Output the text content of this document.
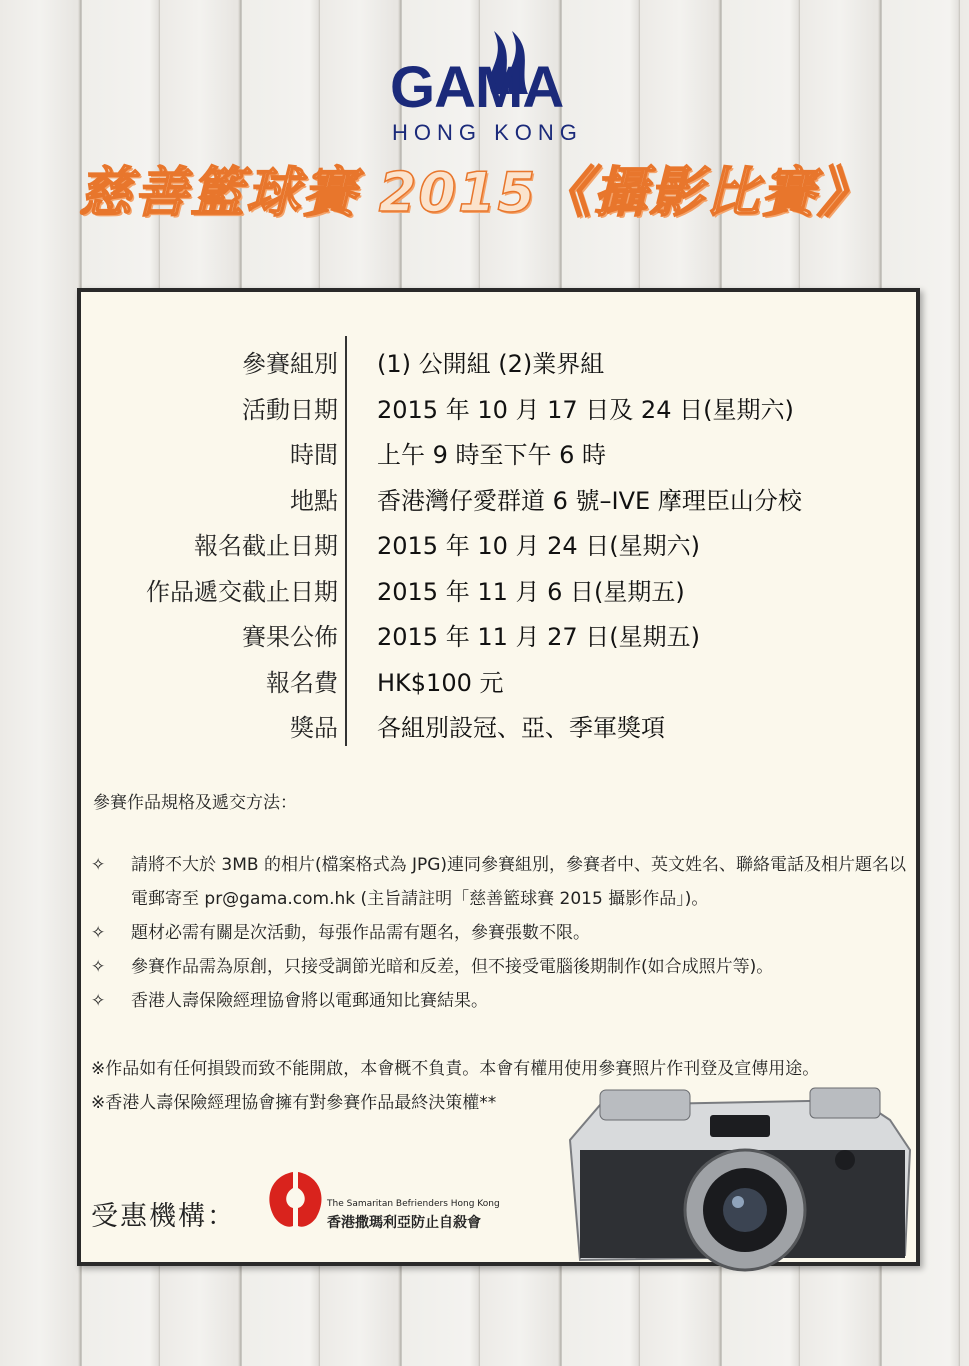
GAMA
HONG KONG
慈善籃球賽 2015《攝影比賽》
參賽組別 (1) 公開組 (2)業界組
活動日期 2015 年 10 月 17 日及 24 日(星期六)
時間 上午 9 時至下午 6 時
地點 香港灣仔愛群道 6 號–IVE 摩理臣山分校
報名截止日期 2015 年 10 月 24 日(星期六)
作品遞交截止日期 2015 年 11 月 6 日(星期五)
賽果公佈 2015 年 11 月 27 日(星期五)
報名費 HK$100 元
獎品 各組別設冠、亞、季軍獎項
參賽作品規格及遞交方法：
✧ 請將不大於 3MB 的相片(檔案格式為 JPG)連同參賽組別，參賽者中、英文姓名、聯絡電話及相片題名以電郵寄至 pr@gama.com.hk (主旨請註明「慈善籃球賽 2015 攝影作品」)。
✧ 題材必需有關是次活動，每張作品需有題名，參賽張數不限。
✧ 參賽作品需為原創，只接受調節光暗和反差，但不接受電腦後期制作(如合成照片等)。
✧ 香港人壽保險經理協會將以電郵通知比賽結果。
※作品如有任何損毀而致不能開啟，本會概不負責。本會有權用使用參賽照片作刊登及宣傳用途。
※香港人壽保險經理協會擁有對參賽作品最終決策權**
受惠機構：	The Samaritan Befrienders Hong Kong
香港撒瑪利亞防止自殺會
